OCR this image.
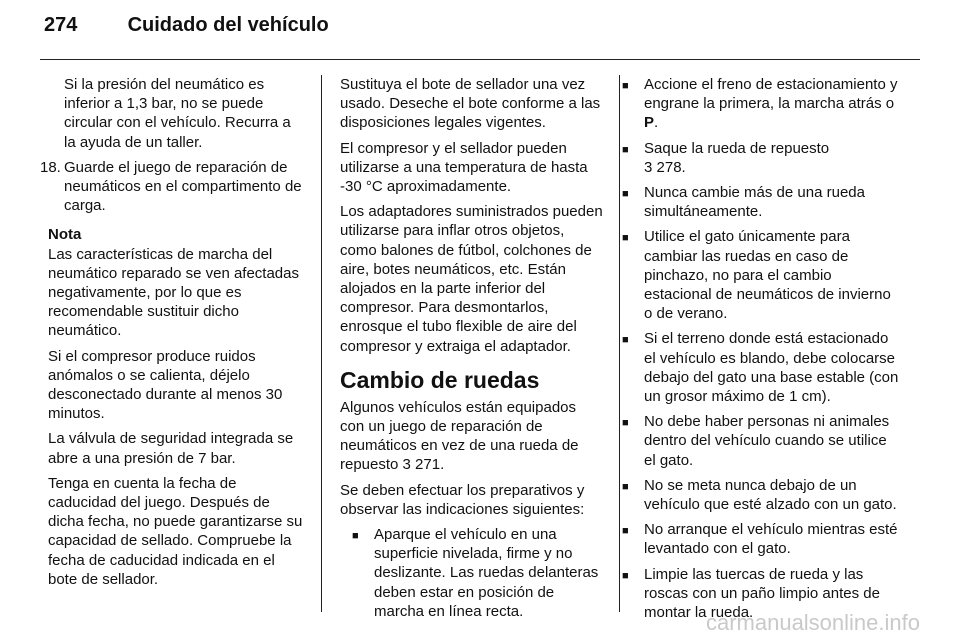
274	Cuidado del vehículo

Si la presión del neumático es inferior a 1,3 bar, no se puede circular con el vehículo. Recurra a la ayuda de un taller.

18. Guarde el juego de reparación de neumáticos en el compartimento de carga.

Nota

Las características de marcha del neumático reparado se ven afectadas negativamente, por lo que es recomendable sustituir dicho neumático.

Si el compresor produce ruidos anómalos o se calienta, déjelo desconectado durante al menos 30 minutos.

La válvula de seguridad integrada se abre a una presión de 7 bar.

Tenga en cuenta la fecha de caducidad del juego. Después de dicha fecha, no puede garantizarse su capacidad de sellado. Compruebe la fecha de caducidad indicada en el bote de sellador.

Sustituya el bote de sellador una vez usado. Deseche el bote conforme a las disposiciones legales vigentes.

El compresor y el sellador pueden utilizarse a una temperatura de hasta -30 °C aproximadamente.

Los adaptadores suministrados pueden utilizarse para inflar otros objetos, como balones de fútbol, colchones de aire, botes neumáticos, etc. Están alojados en la parte inferior del compresor. Para desmontarlos, enrosque el tubo flexible de aire del compresor y extraiga el adaptador.

Cambio de ruedas

Algunos vehículos están equipados con un juego de reparación de neumáticos en vez de una rueda de repuesto 3 271.

Se deben efectuar los preparativos y observar las indicaciones siguientes:

■	Aparque el vehículo en una superficie nivelada, firme y no deslizante. Las ruedas delanteras deben estar en posición de marcha en línea recta.
■	Accione el freno de estacionamiento y engrane la primera, la marcha atrás o P.
■	Saque la rueda de repuesto
3 278.
■	Nunca cambie más de una rueda simultáneamente.
■	Utilice el gato únicamente para cambiar las ruedas en caso de pinchazo, no para el cambio estacional de neumáticos de invierno o de verano.
■	Si el terreno donde está estacionado el vehículo es blando, debe colocarse debajo del gato una base estable (con un grosor máximo de 1 cm).
■	No debe haber personas ni animales dentro del vehículo cuando se utilice el gato.
■	No se meta nunca debajo de un vehículo que esté alzado con un gato.
■	No arranque el vehículo mientras esté levantado con el gato.
■	Limpie las tuercas de rueda y las roscas con un paño limpio antes de montar la rueda.
carmanualsonline.info
